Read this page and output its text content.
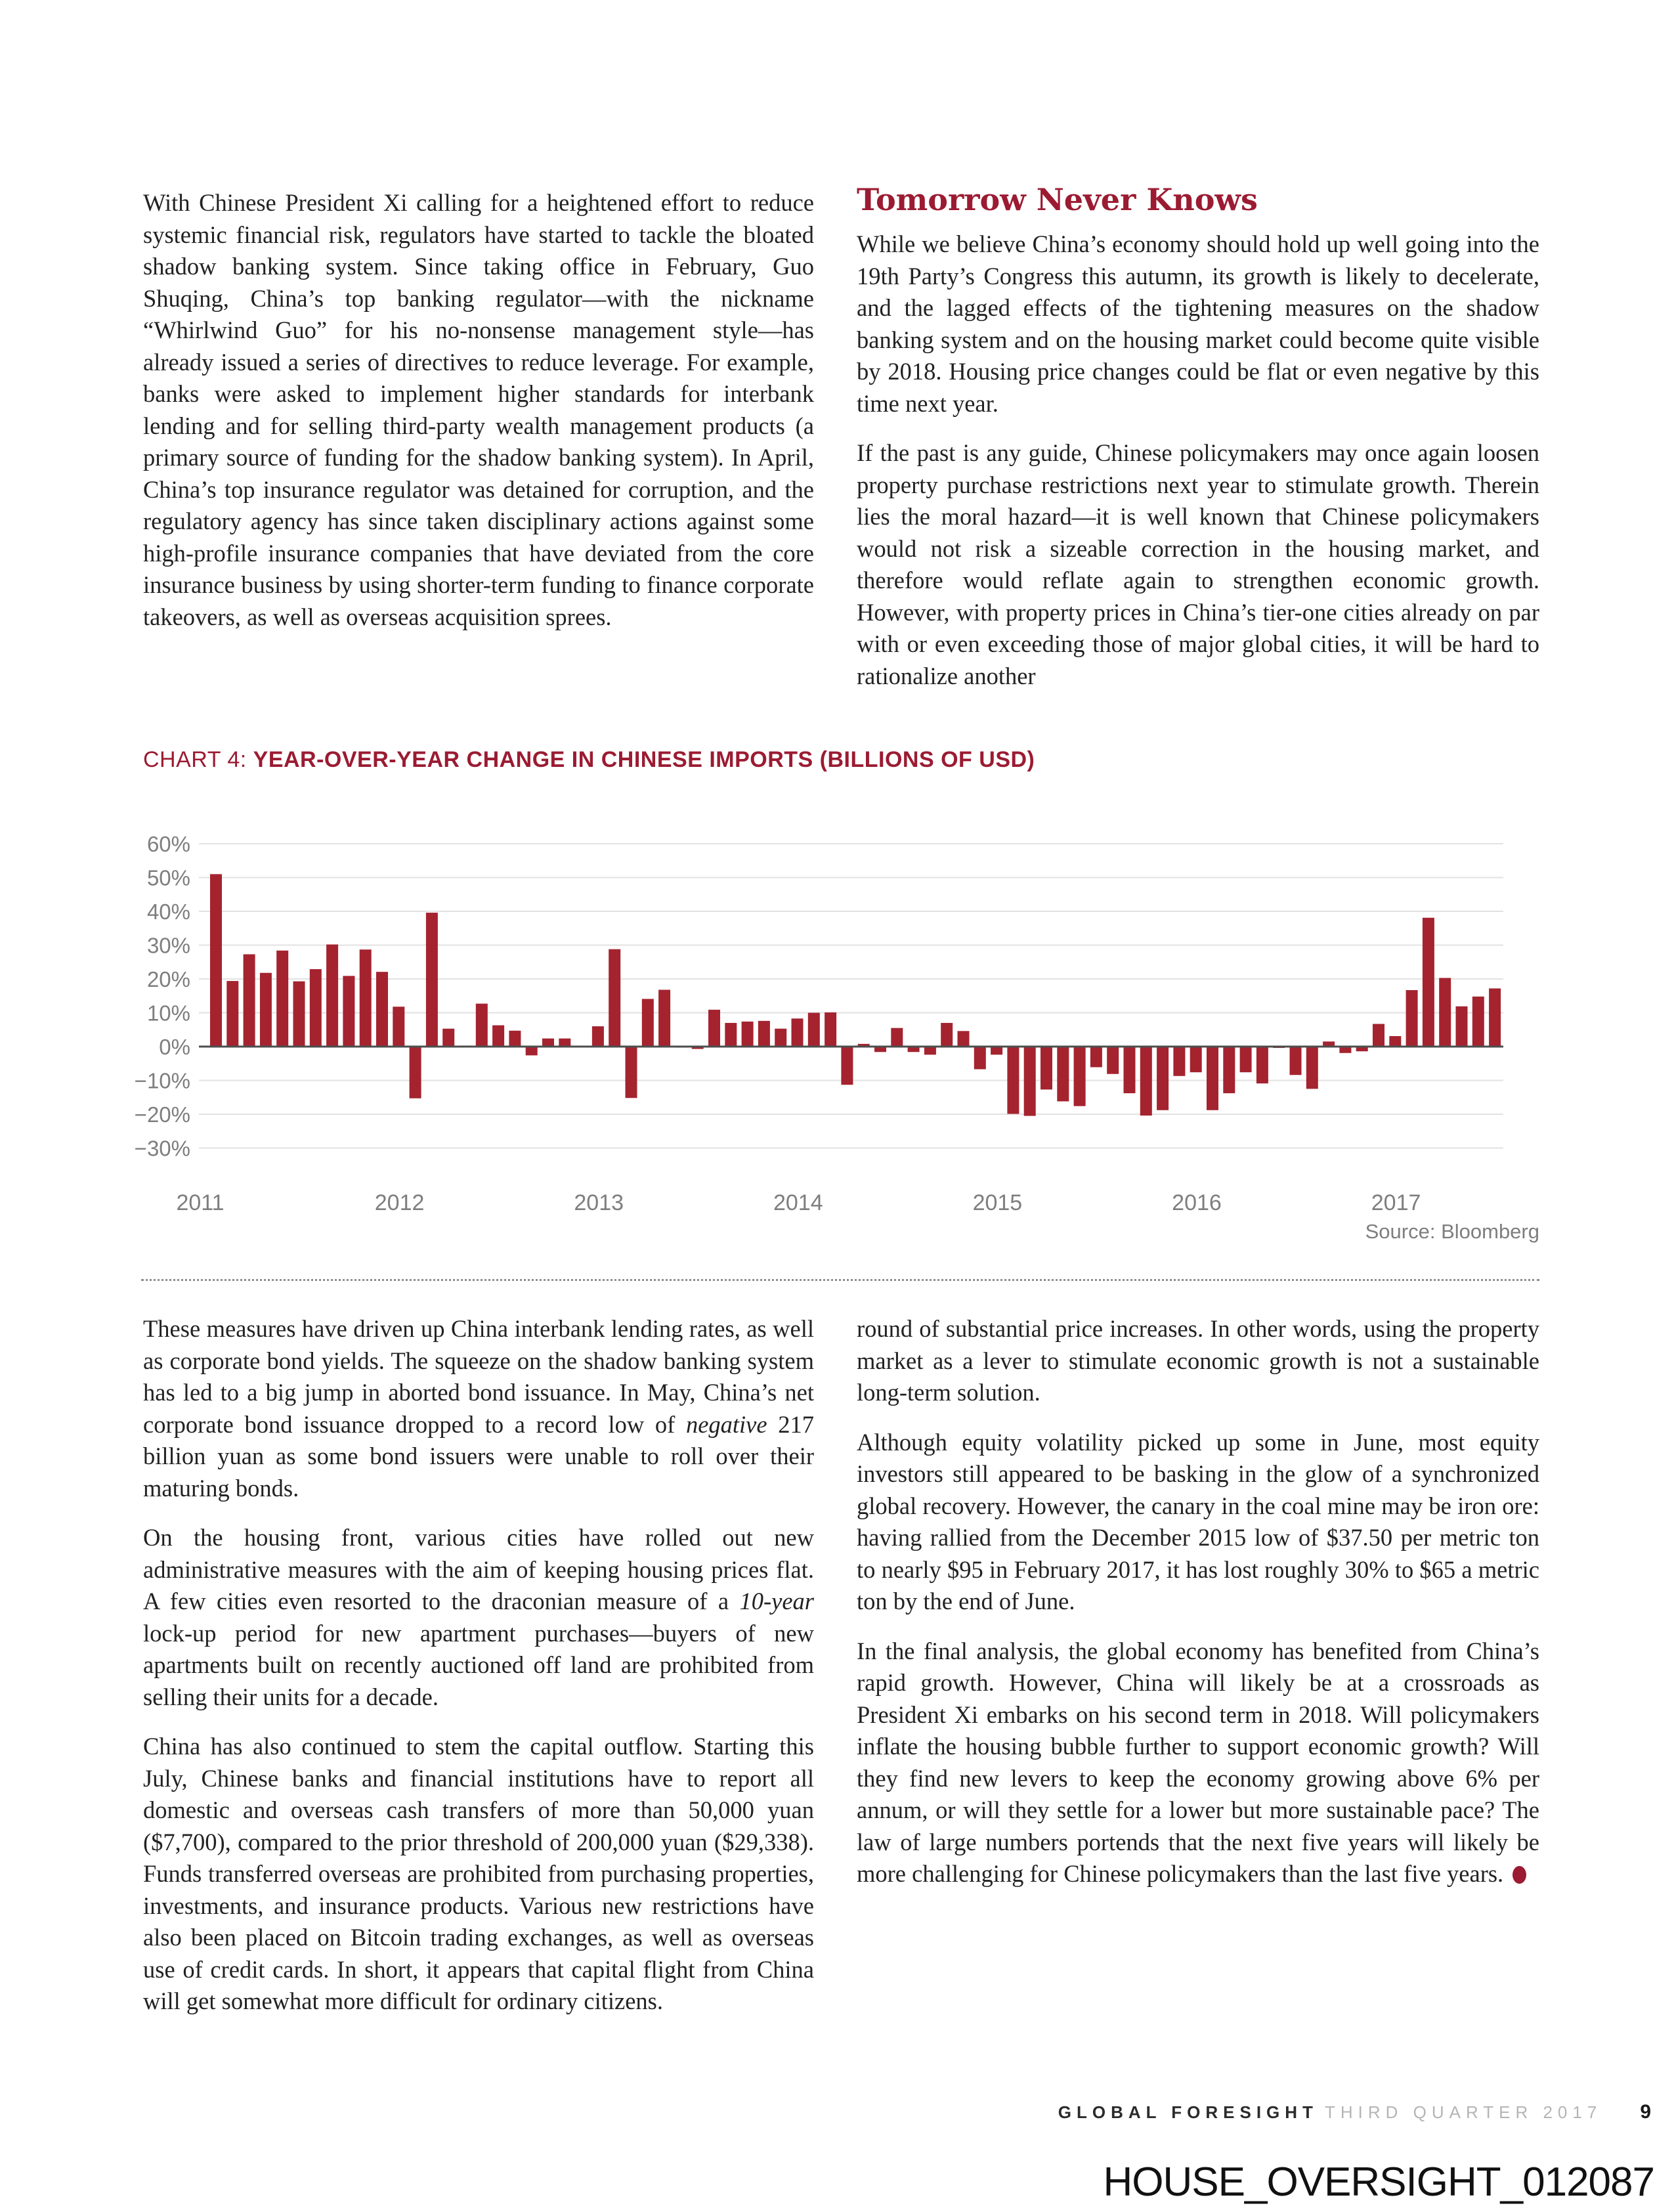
With Chinese President Xi calling for a heightened effort to reduce systemic financial risk, regulators have started to tackle the bloated shadow banking system. Since taking office in February, Guo Shuqing, China’s top banking regulator—with the nickname “Whirlwind Guo” for his no-nonsense management style—has already issued a series of directives to reduce leverage. For example, banks were asked to implement higher standards for interbank lending and for selling third-party wealth management products (a primary source of funding for the shadow banking system). In April, China’s top insurance regulator was detained for corruption, and the regulatory agency has since taken disciplinary actions against some high-profile insurance companies that have deviated from the core insurance business by using shorter-term funding to finance corporate takeovers, as well as overseas acquisition sprees.

Tomorrow Never Knows

While we believe China’s economy should hold up well going into the 19th Party’s Congress this autumn, its growth is likely to decelerate, and the lagged effects of the tightening measures on the shadow banking system and on the housing market could become quite visible by 2018. Housing price changes could be flat or even negative by this time next year.

If the past is any guide, Chinese policymakers may once again loosen property purchase restrictions next year to stimulate growth. Therein lies the moral hazard—it is well known that Chinese policymakers would not risk a sizeable correction in the housing market, and therefore would reflate again to strengthen economic growth. However, with property prices in China’s tier-one cities already on par with or even exceeding those of major global cities, it will be hard to rationalize another

CHART 4: YEAR-OVER-YEAR CHANGE IN CHINESE IMPORTS (BILLIONS OF USD)
60%
50%
40%
30%
20%
10%
0%
−10%
−20%
−30%
2011	2012	2013	2014	2015	2016	2017
Source: Bloomberg

These measures have driven up China interbank lending rates, as well as corporate bond yields. The squeeze on the shadow banking system has led to a big jump in aborted bond issuance. In May, China’s net corporate bond issuance dropped to a record low of negative 217 billion yuan as some bond issuers were unable to roll over their maturing bonds.

On the housing front, various cities have rolled out new administrative measures with the aim of keeping housing prices flat. A few cities even resorted to the draconian measure of a 10-year lock-up period for new apartment purchases—buyers of new apartments built on recently auctioned off land are prohibited from selling their units for a decade.

China has also continued to stem the capital outflow. Starting this July, Chinese banks and financial institutions have to report all domestic and overseas cash transfers of more than 50,000 yuan ($7,700), compared to the prior threshold of 200,000 yuan ($29,338). Funds transferred overseas are prohibited from purchasing properties, investments, and insurance products. Various new restrictions have also been placed on Bitcoin trading exchanges, as well as overseas use of credit cards. In short, it appears that capital flight from China will get somewhat more difficult for ordinary citizens.

round of substantial price increases. In other words, using the property market as a lever to stimulate economic growth is not a sustainable long-term solution.

Although equity volatility picked up some in June, most equity investors still appeared to be basking in the glow of a synchronized global recovery. However, the canary in the coal mine may be iron ore: having rallied from the December 2015 low of $37.50 per metric ton to nearly $95 in February 2017, it has lost roughly 30% to $65 a metric ton by the end of June.

In the final analysis, the global economy has benefited from China’s rapid growth. However, China will likely be at a crossroads as President Xi embarks on his second term in 2018. Will policymakers inflate the housing bubble further to support economic growth? Will they find new levers to keep the economy growing above 6% per annum, or will they settle for a lower but more sustainable pace? The law of large numbers portends that the next five years will likely be more challenging for Chinese policymakers than the last five years.

GLOBAL FORESIGHT THIRD QUARTER 2017 9
HOUSE_OVERSIGHT_012087
